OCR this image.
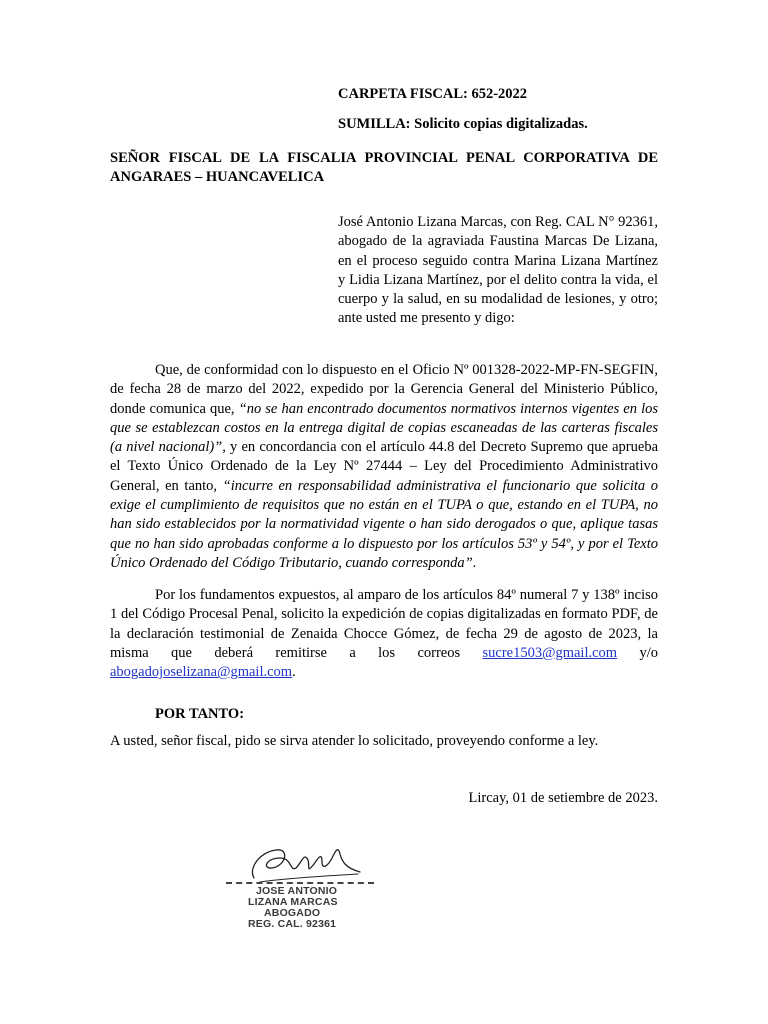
CARPETA FISCAL: 652-2022
SUMILLA: Solicito copias digitalizadas.
SEÑOR FISCAL DE LA FISCALIA PROVINCIAL PENAL CORPORATIVA DE ANGARAES – HUANCAVELICA
José Antonio Lizana Marcas, con Reg. CAL N° 92361, abogado de la agraviada Faustina Marcas De Lizana, en el proceso seguido contra Marina Lizana Martínez y Lidia Lizana Martínez, por el delito contra la vida, el cuerpo y la salud, en su modalidad de lesiones, y otro; ante usted me presento y digo:
Que, de conformidad con lo dispuesto en el Oficio Nº 001328-2022-MP-FN-SEGFIN, de fecha 28 de marzo del 2022, expedido por la Gerencia General del Ministerio Público, donde comunica que, “no se han encontrado documentos normativos internos vigentes en los que se establezcan costos en la entrega digital de copias escaneadas de las carteras fiscales (a nivel nacional)”, y en concordancia con el artículo 44.8 del Decreto Supremo que aprueba el Texto Único Ordenado de la Ley Nº 27444 – Ley del Procedimiento Administrativo General, en tanto, “incurre en responsabilidad administrativa el funcionario que solicita o exige el cumplimiento de requisitos que no están en el TUPA o que, estando en el TUPA, no han sido establecidos por la normatividad vigente o han sido derogados o que, aplique tasas que no han sido aprobadas conforme a lo dispuesto por los artículos 53º y 54º, y por el Texto Único Ordenado del Código Tributario, cuando corresponda”.
Por los fundamentos expuestos, al amparo de los artículos 84º numeral 7 y 138º inciso 1 del Código Procesal Penal, solicito la expedición de copias digitalizadas en formato PDF, de la declaración testimonial de Zenaida Chocce Gómez, de fecha 29 de agosto de 2023, la misma que deberá remitirse a los correos sucre1503@gmail.com y/o abogadojoselizana@gmail.com.
POR TANTO:
A usted, señor fiscal, pido se sirva atender lo solicitado, proveyendo conforme a ley.
Lircay, 01 de setiembre de 2023.
JOSE ANTONIO
LIZANA MARCAS
ABOGADO
REG. CAL. 92361
